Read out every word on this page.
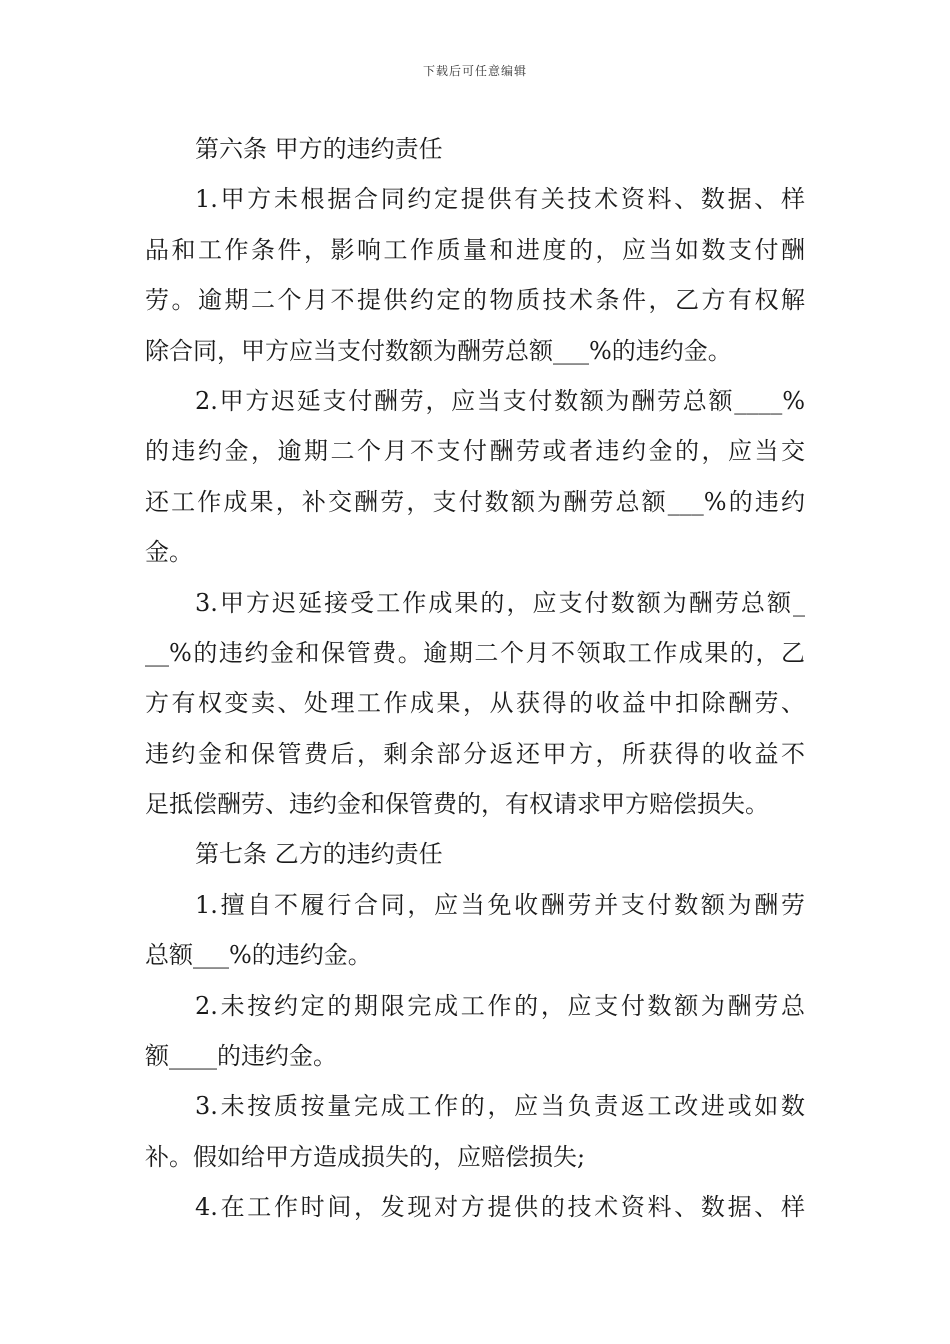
下载后可任意编辑
第六条 甲方的违约责任
1.甲方未根据合同约定提供有关技术资料、数据、样
品和工作条件，影响工作质量和进度的，应当如数支付酬
劳。逾期二个月不提供约定的物质技术条件，乙方有权解
除合同，甲方应当支付数额为酬劳总额___%的违约金。
2.甲方迟延支付酬劳，应当支付数额为酬劳总额____%
的违约金，逾期二个月不支付酬劳或者违约金的，应当交
还工作成果，补交酬劳，支付数额为酬劳总额___%的违约
金。
3.甲方迟延接受工作成果的，应支付数额为酬劳总额_
__%的违约金和保管费。逾期二个月不领取工作成果的，乙
方有权变卖、处理工作成果，从获得的收益中扣除酬劳、
违约金和保管费后，剩余部分返还甲方，所获得的收益不
足抵偿酬劳、违约金和保管费的，有权请求甲方赔偿损失。
第七条 乙方的违约责任
1.擅自不履行合同，应当免收酬劳并支付数额为酬劳
总额___%的违约金。
2.未按约定的期限完成工作的，应支付数额为酬劳总
额____的违约金。
3.未按质按量完成工作的，应当负责返工改进或如数
补。假如给甲方造成损失的，应赔偿损失;
4.在工作时间，发现对方提供的技术资料、数据、样
